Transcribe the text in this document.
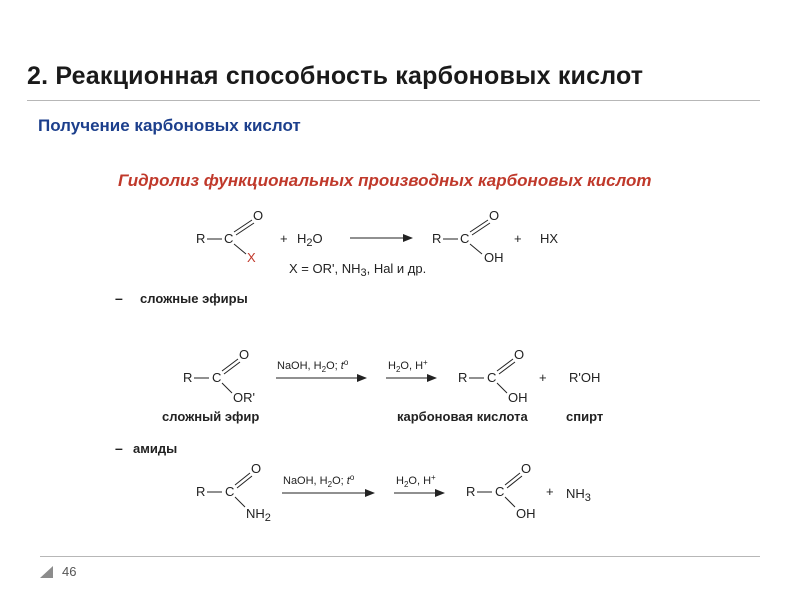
2. Реакционная способность карбоновых кислот
Получение карбоновых кислот
Гидролиз функциональных производных карбоновых кислот
R C
O
X
+ $H_2O$	R C
O
OH
+ HX
X = OR', $NH_3$, Hal и др.
– сложные эфиры
R C
O
OR'
сложный эфир
NaOH, $H_2O$; $t^o$	$H_2O$, H+
R C
O
OH
карбоновая кислота
+ R'OH
спирт
– амиды
R C
O
$NH_2$
NaOH, $H_2O$; $t^o$	$H_2O$, H+
R C
O
OH
+ $NH_3$
46
